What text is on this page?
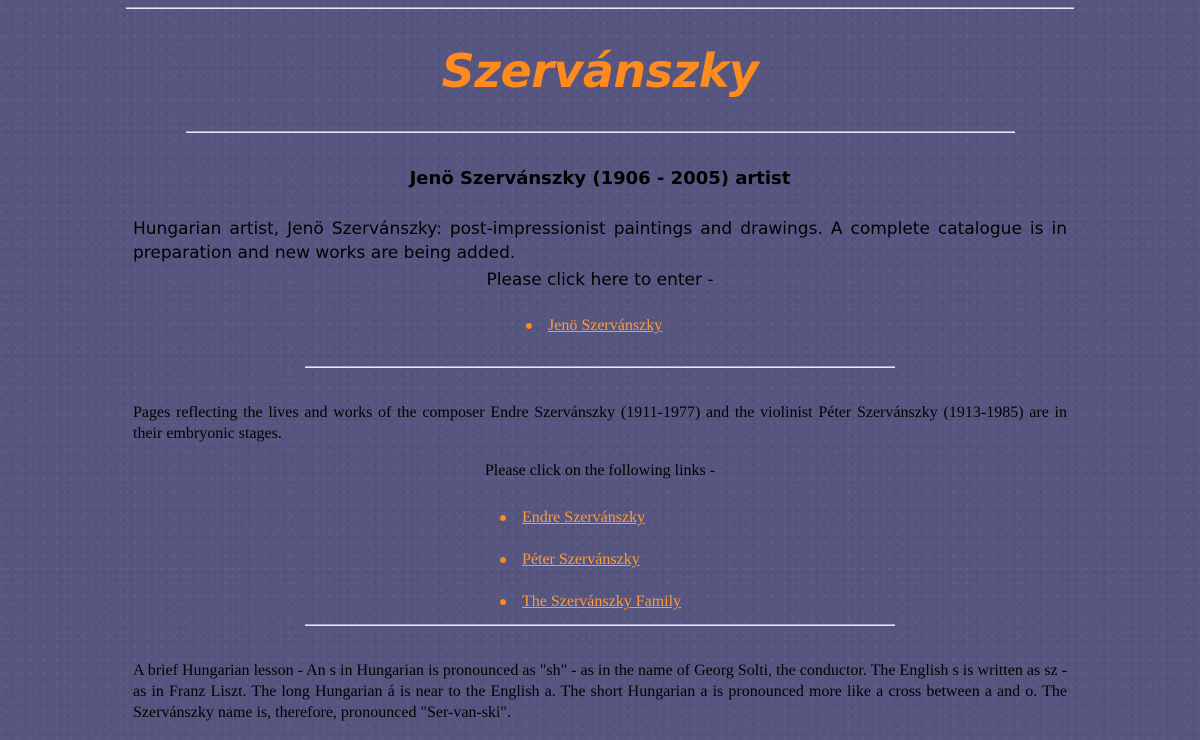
Szervánszky
Jenö Szervánszky (1906 - 2005) artist
Hungarian artist, Jenö Szervánszky: post-impressionist paintings and drawings. A complete catalogue is in preparation and new works are being added.
Please click here to enter -
Jenö Szervánszky
Pages reflecting the lives and works of the composer Endre Szervánszky (1911-1977) and the violinist Péter Szervánszky (1913-1985) are in their embryonic stages.
Please click on the following links -
Endre Szervánszky
Péter Szervánszky
The Szervánszky Family
A brief Hungarian lesson - An s in Hungarian is pronounced as "sh" - as in the name of Georg Solti, the conductor. The English s is written as sz - as in Franz Liszt. The long Hungarian á is near to the English a. The short Hungarian a is pronounced more like a cross between a and o. The Szervánszky name is, therefore, pronounced "Ser-van-ski".
